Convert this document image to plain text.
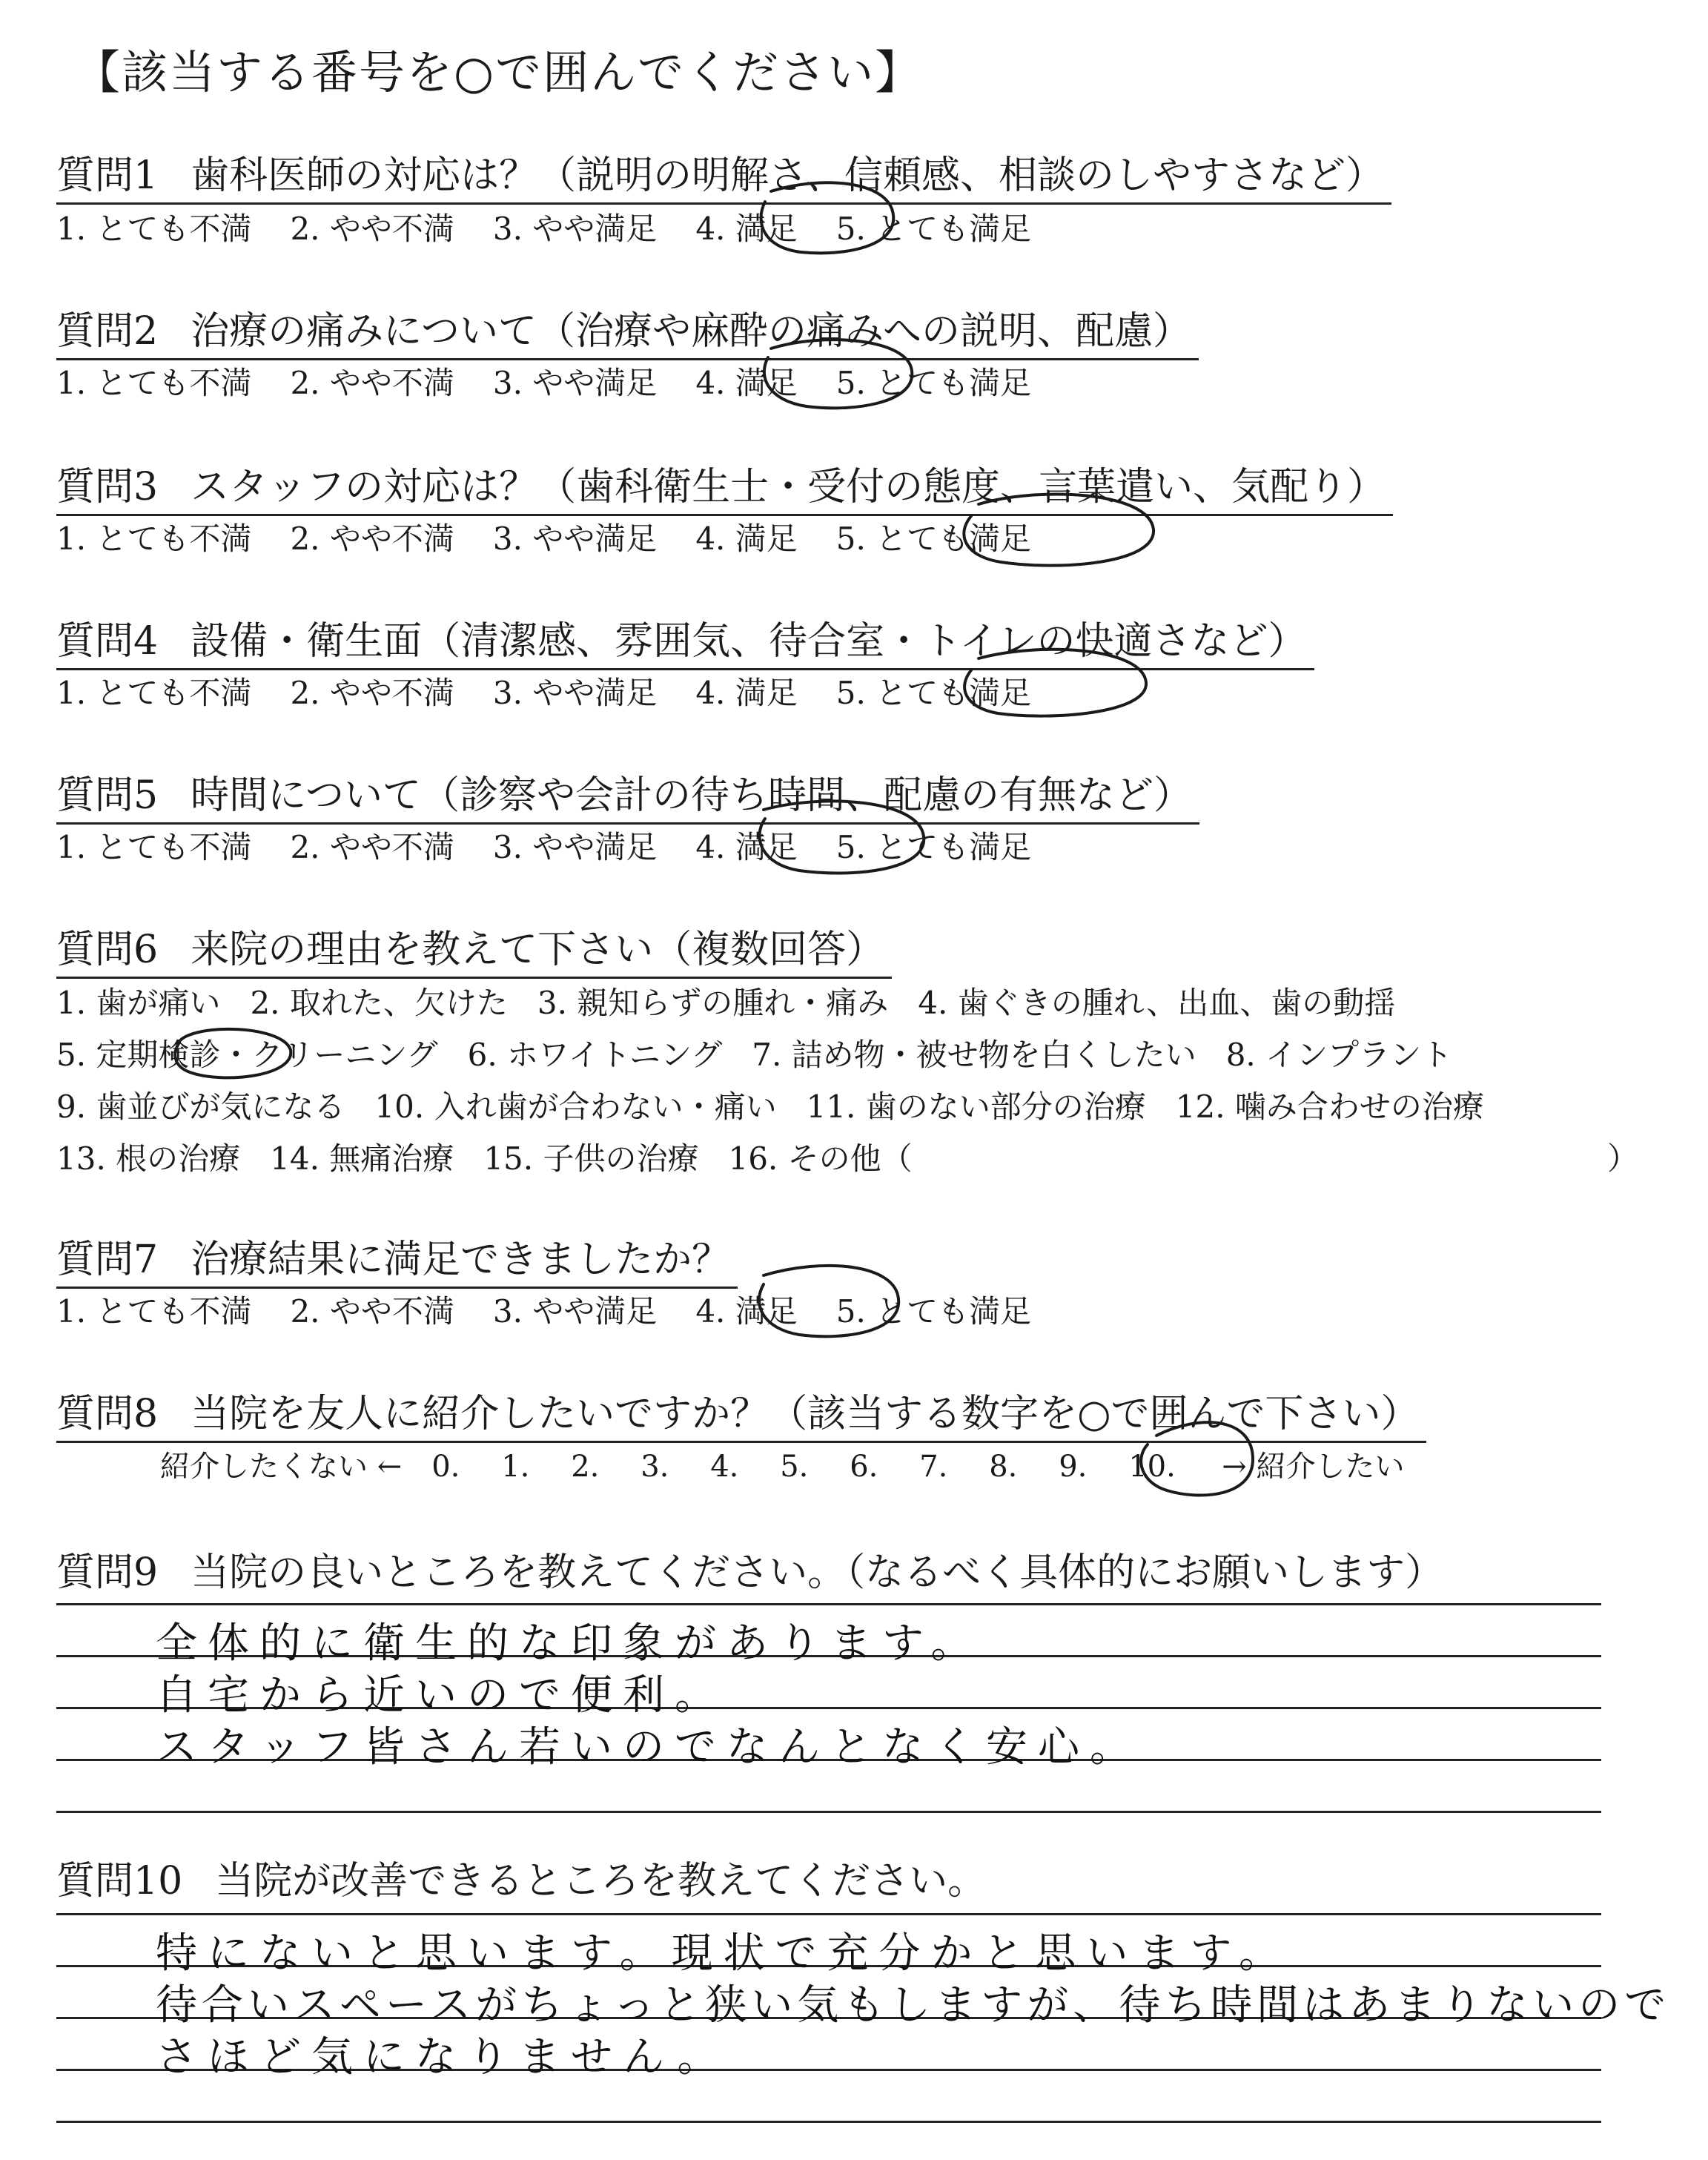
【該当する番号を○で囲んでください】
質問1 歯科医師の対応は？（説明の明解さ、信頼感、相談のしやすさなど）
1. とても不満 2. やや不満 3. やや満足 4. 満足 5. とても満足
質問2 治療の痛みについて（治療や麻酔の痛みへの説明、配慮）
1. とても不満 2. やや不満 3. やや満足 4. 満足 5. とても満足
質問3 スタッフの対応は？（歯科衛生士・受付の態度、言葉遣い、気配り）
1. とても不満 2. やや不満 3. やや満足 4. 満足 5. とても満足
質問4 設備・衛生面（清潔感、雰囲気、待合室・トイレの快適さなど）
1. とても不満 2. やや不満 3. やや満足 4. 満足 5. とても満足
質問5 時間について（診察や会計の待ち時間、配慮の有無など）
1. とても不満 2. やや不満 3. やや満足 4. 満足 5. とても満足
質問6 来院の理由を教えて下さい（複数回答）
1. 歯が痛い 2. 取れた、欠けた 3. 親知らずの腫れ・痛み 4. 歯ぐきの腫れ、出血、歯の動揺
5. 定期検診・クリーニング 6. ホワイトニング 7. 詰め物・被せ物を白くしたい 8. インプラント
9. 歯並びが気になる 10. 入れ歯が合わない・痛い 11. 歯のない部分の治療 12. 噛み合わせの治療
13. 根の治療 14. 無痛治療 15. 子供の治療 16. その他（	）
質問7 治療結果に満足できましたか？
1. とても不満 2. やや不満 3. やや満足 4. 満足 5. とても満足
質問8 当院を友人に紹介したいですか？（該当する数字を○で囲んで下さい）
紹介したくない ← 0. 1. 2. 3. 4. 5. 6. 7. 8. 9. 10. → 紹介したい
質問9 当院の良いところを教えてください。（なるべく具体的にお願いします）
全体的に衛生的な印象があります。
自宅から近いので便利。
スタッフ皆さん若いのでなんとなく安心。
質問10 当院が改善できるところを教えてください。
特にないと思います。現状で充分かと思います。
待合いスペースがちょっと狭い気もしますが、待ち時間はあまりないので
さほど気になりません。
